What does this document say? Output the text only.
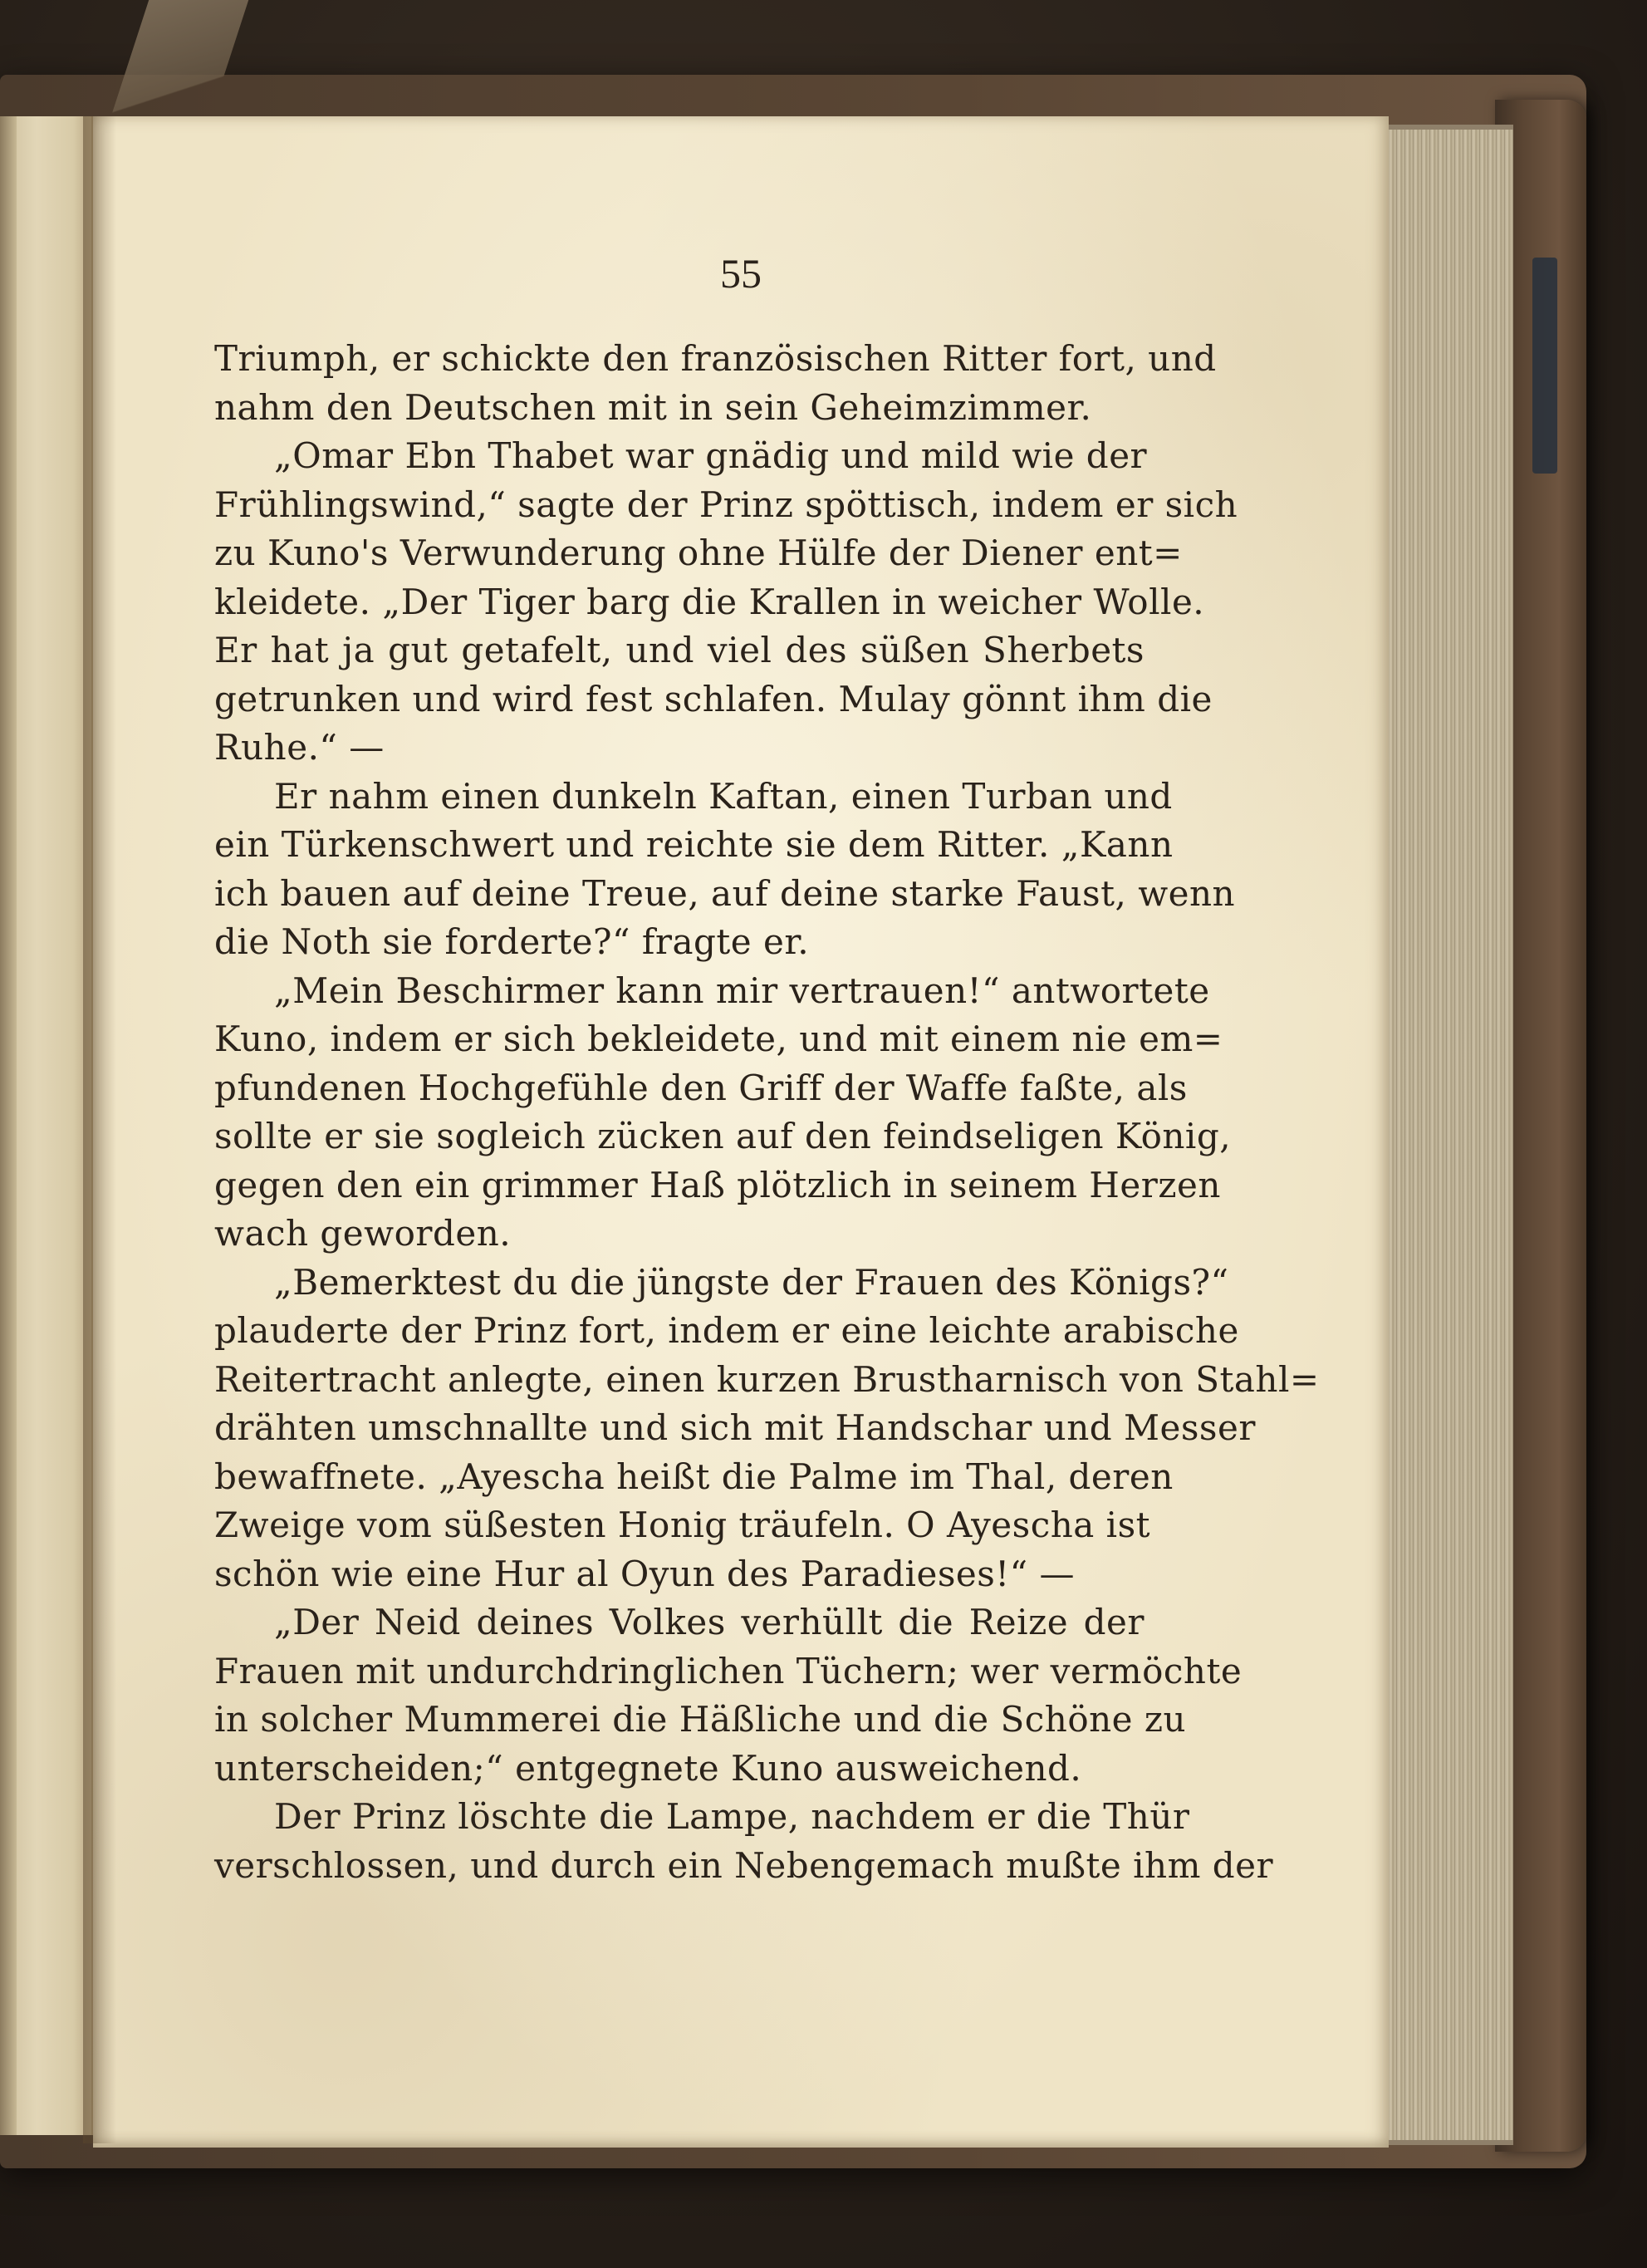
55
Triumph, er schickte den französischen Ritter fort, und
nahm den Deutschen mit in sein Geheimzimmer.
„Omar Ebn Thabet war gnädig und mild wie der
Frühlingswind,“ sagte der Prinz spöttisch, indem er sich
zu Kuno's Verwunderung ohne Hülfe der Diener ent=
kleidete. „Der Tiger barg die Krallen in weicher Wolle.
Er hat ja gut getafelt, und viel des süßen Sherbets
getrunken und wird fest schlafen. Mulay gönnt ihm die
Ruhe.“ —
Er nahm einen dunkeln Kaftan, einen Turban und
ein Türkenschwert und reichte sie dem Ritter. „Kann
ich bauen auf deine Treue, auf deine starke Faust, wenn
die Noth sie forderte?“ fragte er.
„Mein Beschirmer kann mir vertrauen!“ antwortete
Kuno, indem er sich bekleidete, und mit einem nie em=
pfundenen Hochgefühle den Griff der Waffe faßte, als
sollte er sie sogleich zücken auf den feindseligen König,
gegen den ein grimmer Haß plötzlich in seinem Herzen
wach geworden.
„Bemerktest du die jüngste der Frauen des Königs?“
plauderte der Prinz fort, indem er eine leichte arabische
Reitertracht anlegte, einen kurzen Brustharnisch von Stahl=
drähten umschnallte und sich mit Handschar und Messer
bewaffnete. „Ayescha heißt die Palme im Thal, deren
Zweige vom süßesten Honig träufeln. O Ayescha ist
schön wie eine Hur al Oyun des Paradieses!“ —
„Der Neid deines Volkes verhüllt die Reize der
Frauen mit undurchdringlichen Tüchern; wer vermöchte
in solcher Mummerei die Häßliche und die Schöne zu
unterscheiden;“ entgegnete Kuno ausweichend.
Der Prinz löschte die Lampe, nachdem er die Thür
verschlossen, und durch ein Nebengemach mußte ihm der
